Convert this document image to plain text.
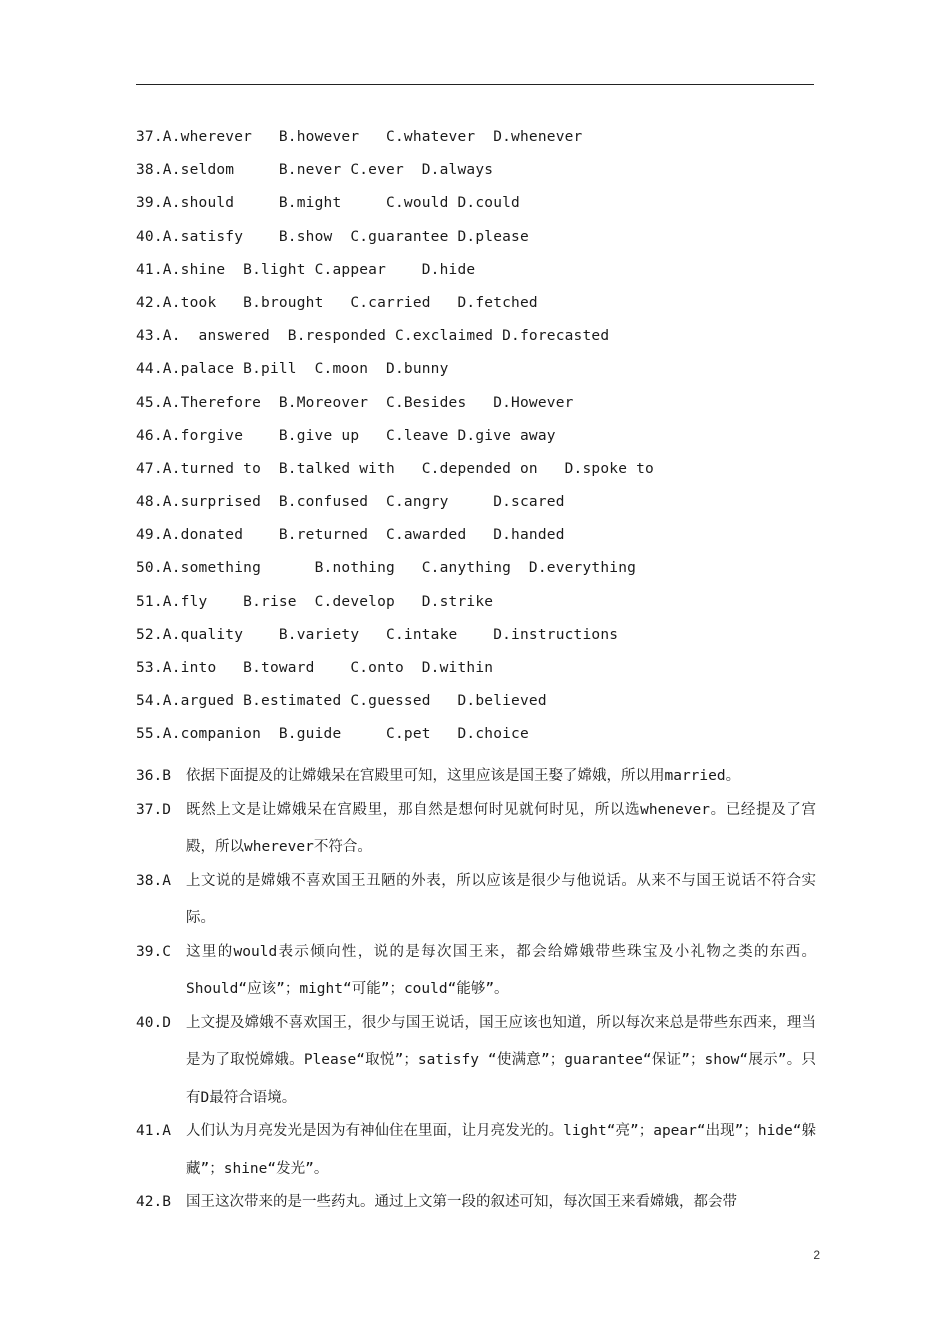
37.A.wherever   B.however   C.whatever  D.whenever
38.A.seldom     B.never C.ever  D.always
39.A.should     B.might     C.would D.could
40.A.satisfy    B.show  C.guarantee D.please
41.A.shine  B.light C.appear    D.hide
42.A.took   B.brought   C.carried   D.fetched
43.A.  answered  B.responded C.exclaimed D.forecasted
44.A.palace B.pill  C.moon  D.bunny
45.A.Therefore  B.Moreover  C.Besides   D.However
46.A.forgive    B.give up   C.leave D.give away
47.A.turned to  B.talked with   C.depended on   D.spoke to
48.A.surprised  B.confused  C.angry     D.scared
49.A.donated    B.returned  C.awarded   D.handed
50.A.something      B.nothing   C.anything  D.everything
51.A.fly    B.rise  C.develop   D.strike
52.A.quality    B.variety   C.intake    D.instructions
53.A.into   B.toward    C.onto  D.within
54.A.argued B.estimated C.guessed   D.believed
55.A.companion  B.guide     C.pet   D.choice
36.B	依据下面提及的让嫦娥呆在宫殿里可知，这里应该是国王娶了嫦娥，所以用married。
37.D	既然上文是让嫦娥呆在宫殿里，那自然是想何时见就何时见，所以选whenever。已经提及了宫殿，所以wherever不符合。
38.A	上文说的是嫦娥不喜欢国王丑陋的外表，所以应该是很少与他说话。从来不与国王说话不符合实际。
39.C	这里的would表示倾向性，说的是每次国王来，都会给嫦娥带些珠宝及小礼物之类的东西。Should“应该”；might“可能”；could“能够”。
40.D	上文提及嫦娥不喜欢国王，很少与国王说话，国王应该也知道，所以每次来总是带些东西来，理当是为了取悦嫦娥。Please“取悦”；satisfy “使满意”；guarantee“保证”；show“展示”。只有D最符合语境。
41.A	人们认为月亮发光是因为有神仙住在里面，让月亮发光的。light“亮”；apear“出现”；hide“躲藏”；shine“发光”。
42.B	国王这次带来的是一些药丸。通过上文第一段的叙述可知，每次国王来看嫦娥，都会带
2
